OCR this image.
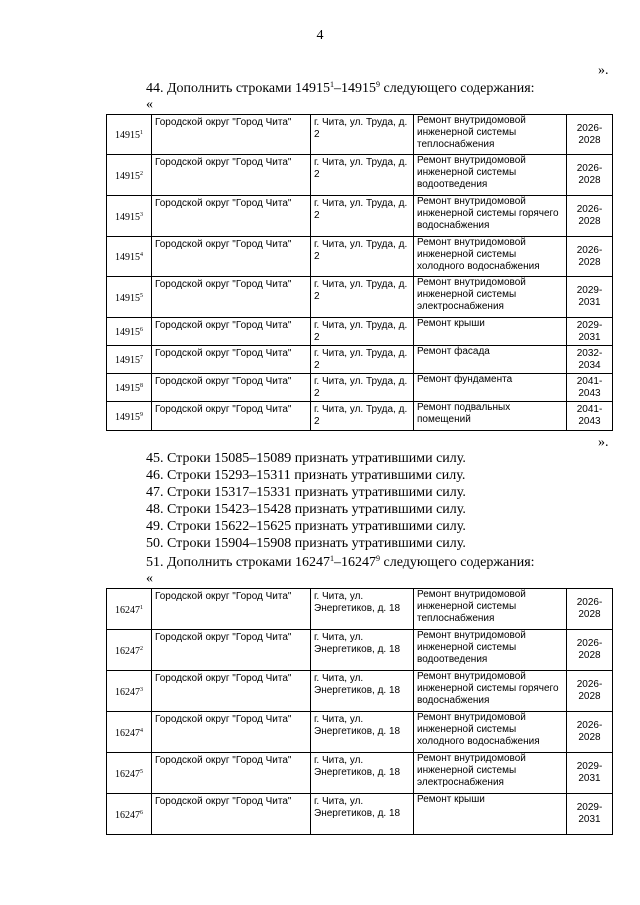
4
».
44. Дополнить строками 14915$^1$–14915$^9$ следующего содержания:
«
14915$^1$	Городской округ "Город Чита"	г. Чита, ул. Труда, д. 2	Ремонт внутридомовой инженерной системы теплоснабжения	2026-2028
14915$^2$	Городской округ "Город Чита"	г. Чита, ул. Труда, д. 2	Ремонт внутридомовой инженерной системы водоотведения	2026-2028
14915$^3$	Городской округ "Город Чита"	г. Чита, ул. Труда, д. 2	Ремонт внутридомовой инженерной системы горячего водоснабжения	2026-2028
14915$^4$	Городской округ "Город Чита"	г. Чита, ул. Труда, д. 2	Ремонт внутридомовой инженерной системы холодного водоснабжения	2026-2028
14915$^5$	Городской округ "Город Чита"	г. Чита, ул. Труда, д. 2	Ремонт внутридомовой инженерной системы электроснабжения	2029-2031
14915$^6$	Городской округ "Город Чита"	г. Чита, ул. Труда, д. 2	Ремонт крыши	2029-2031
14915$^7$	Городской округ "Город Чита"	г. Чита, ул. Труда, д. 2	Ремонт фасада	2032-2034
14915$^8$	Городской округ "Город Чита"	г. Чита, ул. Труда, д. 2	Ремонт фундамента	2041-2043
14915$^9$	Городской округ "Город Чита"	г. Чита, ул. Труда, д. 2	Ремонт подвальных помещений	2041-2043
».
45. Строки 15085–15089 признать утратившими силу.
46. Строки 15293–15311 признать утратившими силу.
47. Строки 15317–15331 признать утратившими силу.
48. Строки 15423–15428 признать утратившими силу.
49. Строки 15622–15625 признать утратившими силу.
50. Строки 15904–15908 признать утратившими силу.
51. Дополнить строками 16247$^1$–16247$^9$ следующего содержания:
«
16247$^1$	Городской округ "Город Чита"	г. Чита, ул. Энергетиков, д. 18	Ремонт внутридомовой инженерной системы теплоснабжения	2026-2028
16247$^2$	Городской округ "Город Чита"	г. Чита, ул. Энергетиков, д. 18	Ремонт внутридомовой инженерной системы водоотведения	2026-2028
16247$^3$	Городской округ "Город Чита"	г. Чита, ул. Энергетиков, д. 18	Ремонт внутридомовой инженерной системы горячего водоснабжения	2026-2028
16247$^4$	Городской округ "Город Чита"	г. Чита, ул. Энергетиков, д. 18	Ремонт внутридомовой инженерной системы холодного водоснабжения	2026-2028
16247$^5$	Городской округ "Город Чита"	г. Чита, ул. Энергетиков, д. 18	Ремонт внутридомовой инженерной системы электроснабжения	2029-2031
16247$^6$	Городской округ "Город Чита"	г. Чита, ул. Энергетиков, д. 18	Ремонт крыши	2029-2031
